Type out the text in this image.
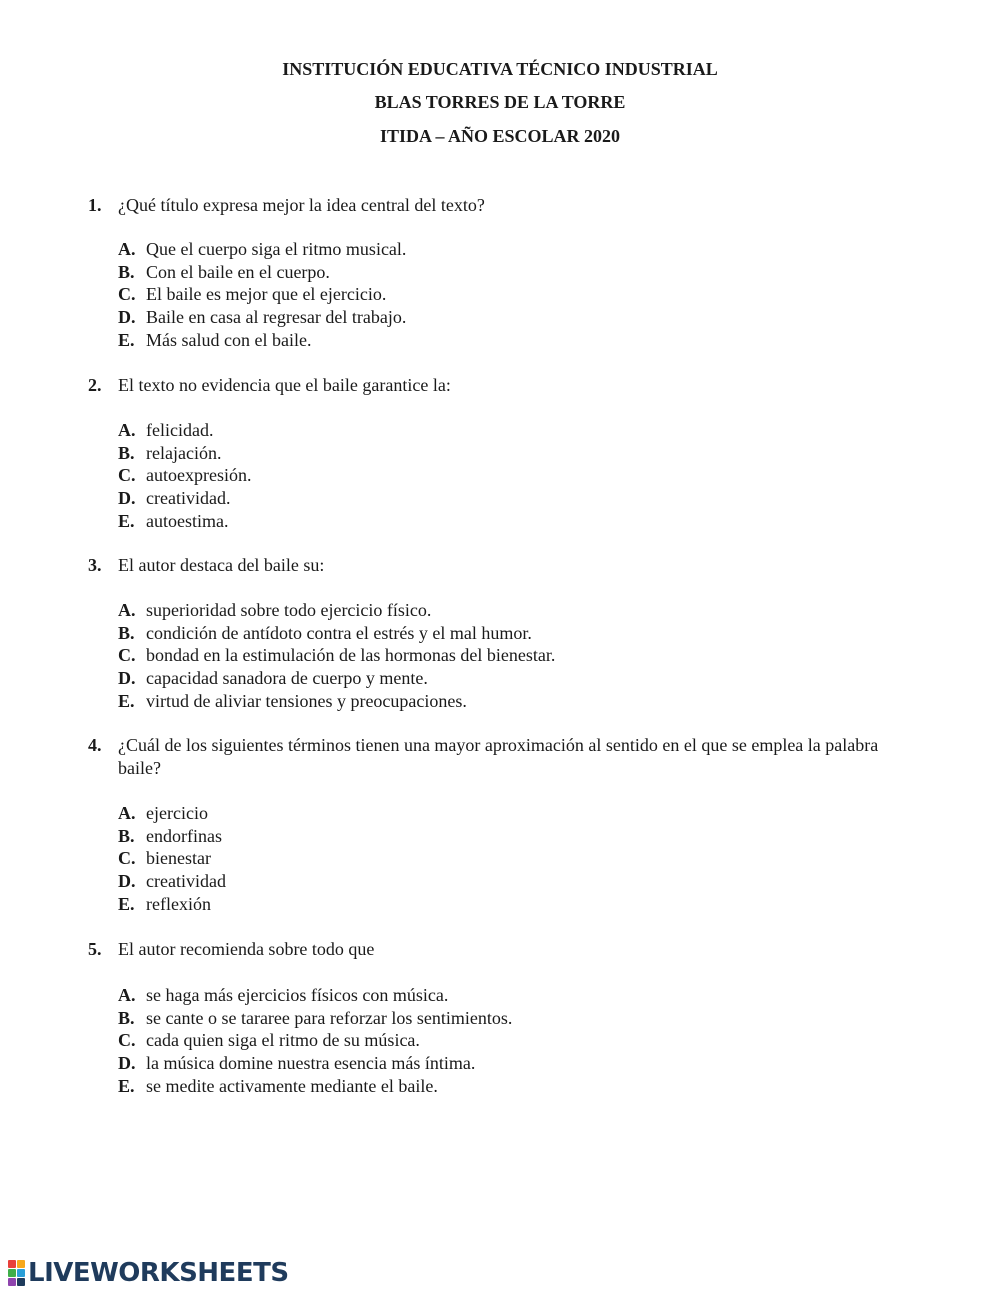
INSTITUCIÓN EDUCATIVA TÉCNICO INDUSTRIAL
BLAS TORRES DE LA TORRE
ITIDA – AÑO ESCOLAR 2020
1. ¿Qué título expresa mejor la idea central del texto?
A. Que el cuerpo siga el ritmo musical.
B. Con el baile en el cuerpo.
C. El baile es mejor que el ejercicio.
D. Baile en casa al regresar del trabajo.
E. Más salud con el baile.
2. El texto no evidencia que el baile garantice la:
A. felicidad.
B. relajación.
C. autoexpresión.
D. creatividad.
E. autoestima.
3. El autor destaca del baile su:
A. superioridad sobre todo ejercicio físico.
B. condición de antídoto contra el estrés y el mal humor.
C. bondad en la estimulación de las hormonas del bienestar.
D. capacidad sanadora de cuerpo y mente.
E. virtud de aliviar tensiones y preocupaciones.
4. ¿Cuál de los siguientes términos tienen una mayor aproximación al sentido en el que se emplea la palabra baile?
A. ejercicio
B. endorfinas
C. bienestar
D. creatividad
E. reflexión
5. El autor recomienda sobre todo que
A. se haga más ejercicios físicos con música.
B. se cante o se tararee para reforzar los sentimientos.
C. cada quien siga el ritmo de su música.
D. la música domine nuestra esencia más íntima.
E. se medite activamente mediante el baile.
LIVEWORKSHEETS
